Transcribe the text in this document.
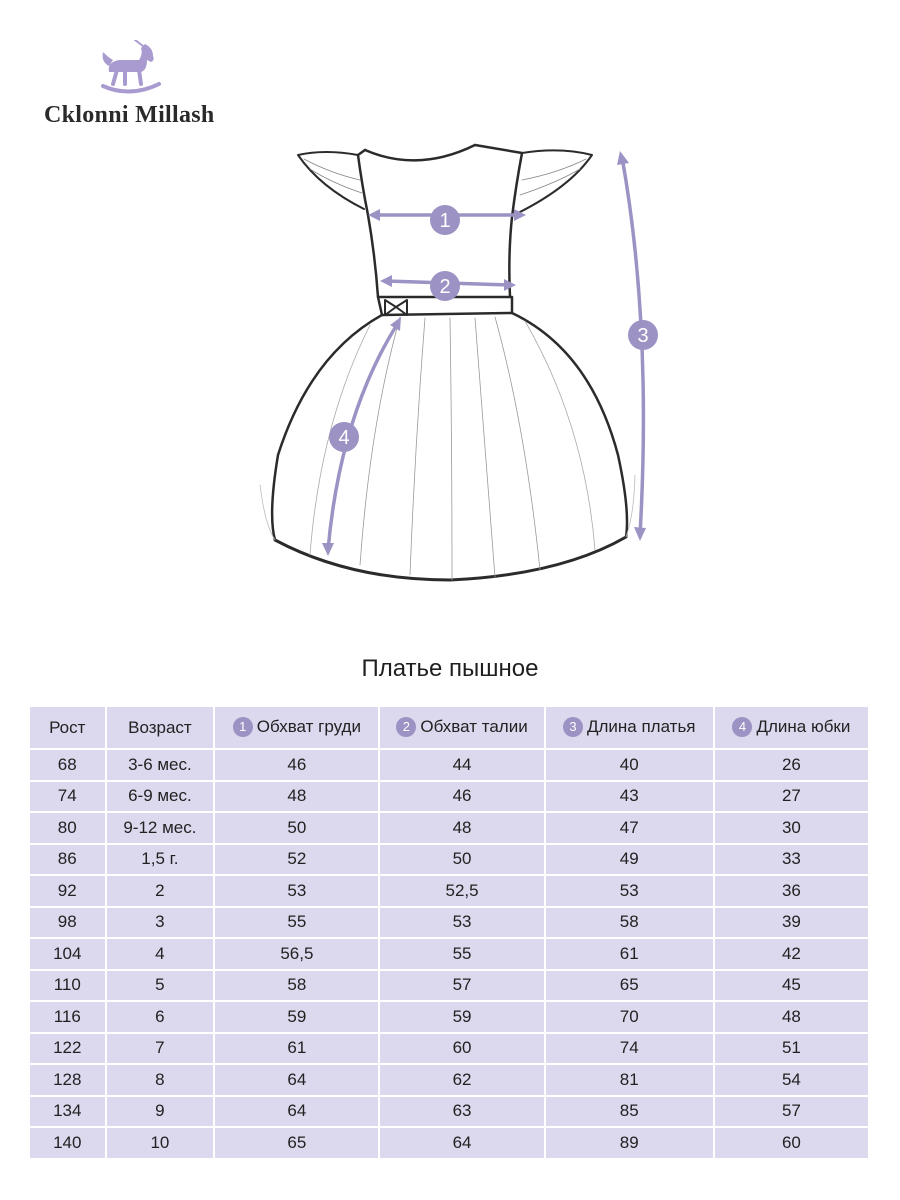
Cklonni Millash
1
2
3
4
Платье пышное
Рост	Возраст	1 Обхват груди	2 Обхват талии	3 Длина платья	4 Длина юбки
68	3-6 мес.	46	44	40	26
74	6-9 мес.	48	46	43	27
80	9-12 мес.	50	48	47	30
86	1,5 г.	52	50	49	33
92	2	53	52,5	53	36
98	3	55	53	58	39
104	4	56,5	55	61	42
110	5	58	57	65	45
116	6	59	59	70	48
122	7	61	60	74	51
128	8	64	62	81	54
134	9	64	63	85	57
140	10	65	64	89	60
